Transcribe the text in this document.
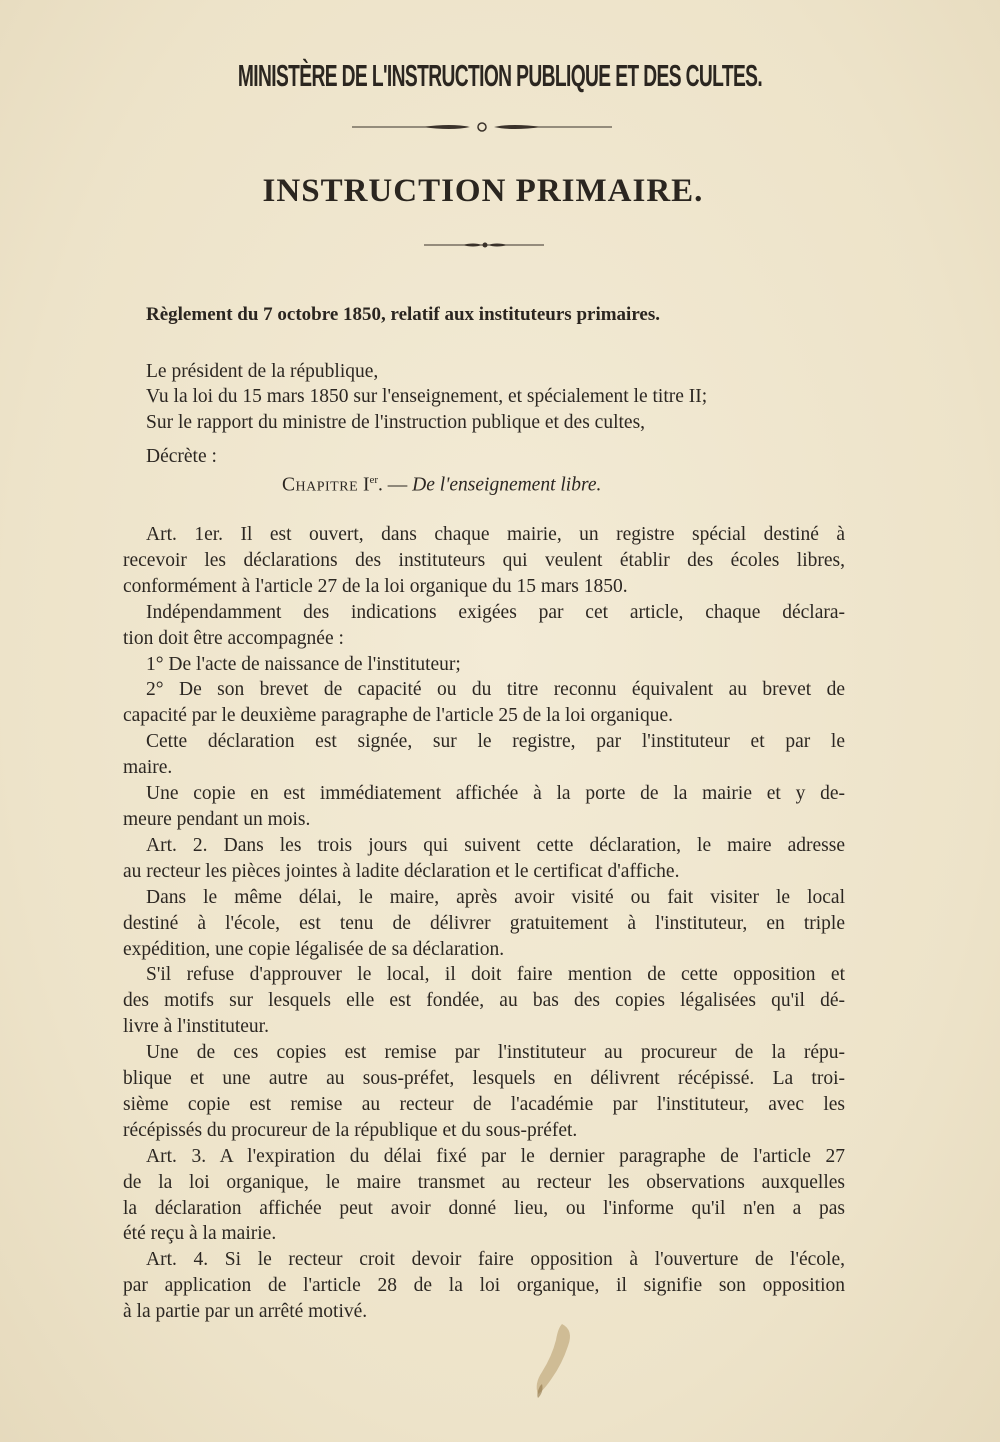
MINISTÈRE DE L'INSTRUCTION PUBLIQUE ET DES CULTES.
INSTRUCTION PRIMAIRE.
Règlement du 7 octobre 1850, relatif aux instituteurs primaires.
Le président de la république,
Vu la loi du 15 mars 1850 sur l'enseignement, et spécialement le titre II;
Sur le rapport du ministre de l'instruction publique et des cultes,
Décrète :
Chapitre Ier. — De l'enseignement libre.
Art. 1er. Il est ouvert, dans chaque mairie, un registre spécial destiné à
recevoir les déclarations des instituteurs qui veulent établir des écoles libres,
conformément à l'article 27 de la loi organique du 15 mars 1850.
Indépendamment des indications exigées par cet article, chaque déclara-
tion doit être accompagnée :
1° De l'acte de naissance de l'instituteur;
2° De son brevet de capacité ou du titre reconnu équivalent au brevet de
capacité par le deuxième paragraphe de l'article 25 de la loi organique.
Cette déclaration est signée, sur le registre, par l'instituteur et par le
maire.
Une copie en est immédiatement affichée à la porte de la mairie et y de-
meure pendant un mois.
Art. 2. Dans les trois jours qui suivent cette déclaration, le maire adresse
au recteur les pièces jointes à ladite déclaration et le certificat d'affiche.
Dans le même délai, le maire, après avoir visité ou fait visiter le local
destiné à l'école, est tenu de délivrer gratuitement à l'instituteur, en triple
expédition, une copie légalisée de sa déclaration.
S'il refuse d'approuver le local, il doit faire mention de cette opposition et
des motifs sur lesquels elle est fondée, au bas des copies légalisées qu'il dé-
livre à l'instituteur.
Une de ces copies est remise par l'instituteur au procureur de la répu-
blique et une autre au sous-préfet, lesquels en délivrent récépissé. La troi-
sième copie est remise au recteur de l'académie par l'instituteur, avec les
récépissés du procureur de la république et du sous-préfet.
Art. 3. A l'expiration du délai fixé par le dernier paragraphe de l'article 27
de la loi organique, le maire transmet au recteur les observations auxquelles
la déclaration affichée peut avoir donné lieu, ou l'informe qu'il n'en a pas
été reçu à la mairie.
Art. 4. Si le recteur croit devoir faire opposition à l'ouverture de l'école,
par application de l'article 28 de la loi organique, il signifie son opposition
à la partie par un arrêté motivé.
